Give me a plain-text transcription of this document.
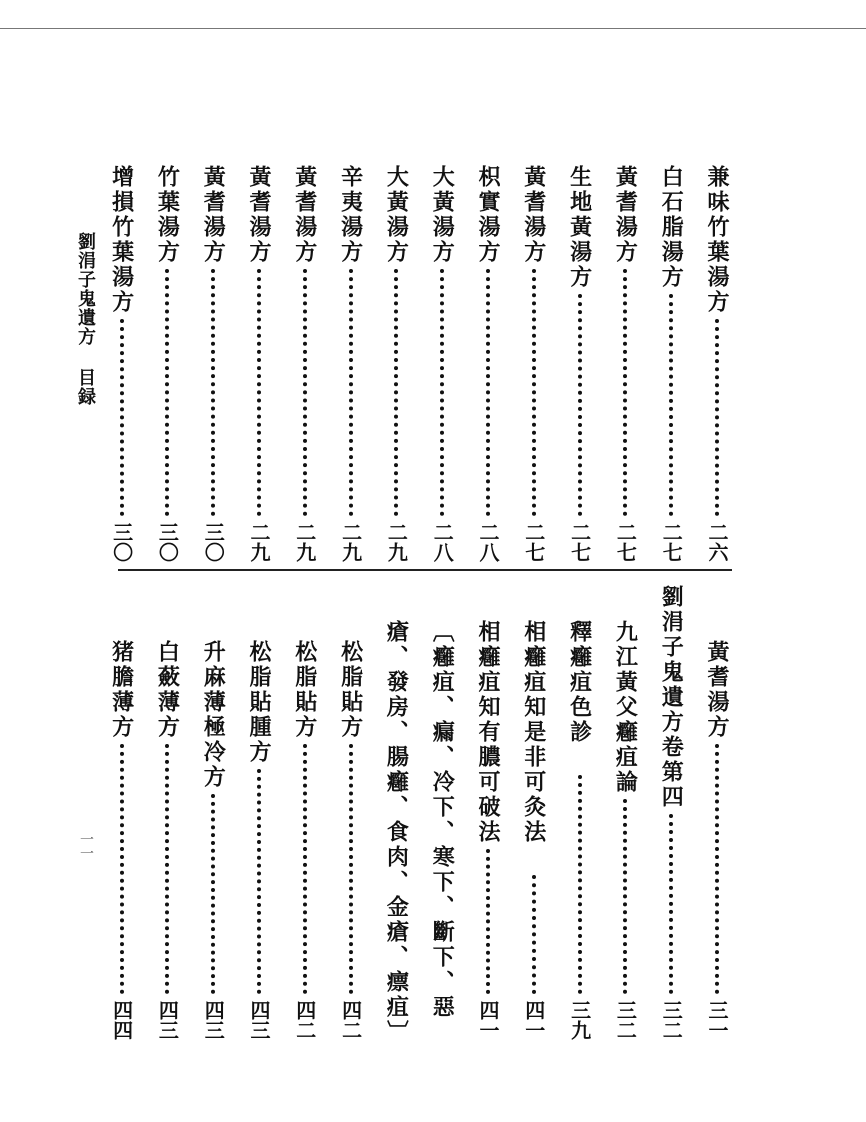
劉涓子鬼遺方目録
一一
兼味竹葉湯方
二六
白石脂湯方
二七
黃耆湯方
二七
生地黃湯方
二七
黃耆湯方
二七
枳實湯方
二八
大黃湯方
二八
大黃湯方
二九
辛夷湯方
二九
黃耆湯方
二九
黃耆湯方
二九
黃耆湯方
三〇
竹葉湯方
三〇
增損竹葉湯方
三〇
黃耆湯方
三一
劉涓子鬼遺方卷第四
三二
九江黃父癰疽論
三二
釋癰疽色診
三九
相癰疽知是非可灸法
四一
相癰疽知有膿可破法
四一
〔癰疽、瘺、冷下、寒下、斷下、惡
瘡、發房、腸癰、食肉、金瘡、瘭疽〕
松脂貼方
四二
松脂貼方
四二
松脂貼腫方
四三
升麻薄極冷方
四三
白蘞薄方
四三
猪膽薄方
四四
